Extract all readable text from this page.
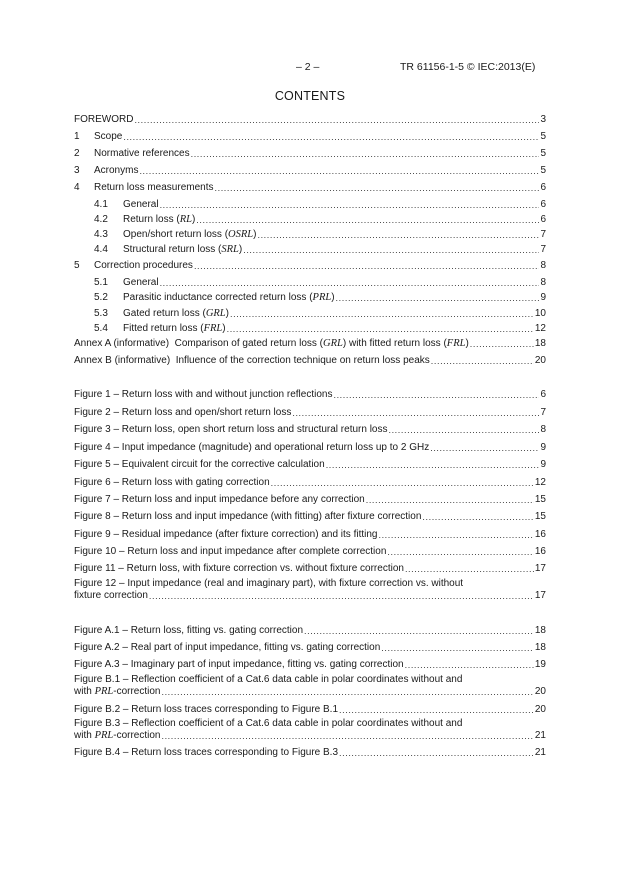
– 2 –	TR 61156-1-5 © IEC:2013(E)
CONTENTS
FOREWORD .....	3
1	Scope .....	5
2	Normative references .....	5
3	Acronyms .....	5
4	Return loss measurements .....	6
4.1	General .....	6
4.2	Return loss (RL) .....	6
4.3	Open/short return loss (OSRL) .....	7
4.4	Structural return loss (SRL) .....	7
5	Correction procedures .....	8
5.1	General .....	8
5.2	Parasitic inductance corrected return loss (PRL) .....	9
5.3	Gated return loss (GRL) .....	10
5.4	Fitted return loss (FRL) .....	12
Annex A (informative) Comparison of gated return loss (GRL) with fitted return loss (FRL) .....	18
Annex B (informative) Influence of the correction technique on return loss peaks .....	20
Figure 1 – Return loss with and without junction reflections .....	6
Figure 2 – Return loss and open/short return loss .....	7
Figure 3 – Return loss, open short return loss and structural return loss .....	8
Figure 4 – Input impedance (magnitude) and operational return loss up to 2 GHz .....	9
Figure 5 – Equivalent circuit for the corrective calculation .....	9
Figure 6 – Return loss with gating correction .....	12
Figure 7 – Return loss and input impedance before any correction .....	15
Figure 8 – Return loss and input impedance (with fitting) after fixture correction .....	15
Figure 9 – Residual impedance (after fixture correction) and its fitting .....	16
Figure 10 – Return loss and input impedance after complete correction .....	16
Figure 11 – Return loss, with fixture correction vs. without fixture correction .....	17
Figure 12 – Input impedance (real and imaginary part), with fixture correction vs. without
fixture correction .....	17
Figure A.1 – Return loss, fitting vs. gating correction .....	18
Figure A.2 – Real part of input impedance, fitting vs. gating correction .....	18
Figure A.3 – Imaginary part of input impedance, fitting vs. gating correction .....	19
Figure B.1 – Reflection coefficient of a Cat.6 data cable in polar coordinates without and
with PRL-correction .....	20
Figure B.2 – Return loss traces corresponding to Figure B.1 .....	20
Figure B.3 – Reflection coefficient of a Cat.6 data cable in polar coordinates without and
with PRL-correction .....	21
Figure B.4 – Return loss traces corresponding to Figure B.3 .....	21
